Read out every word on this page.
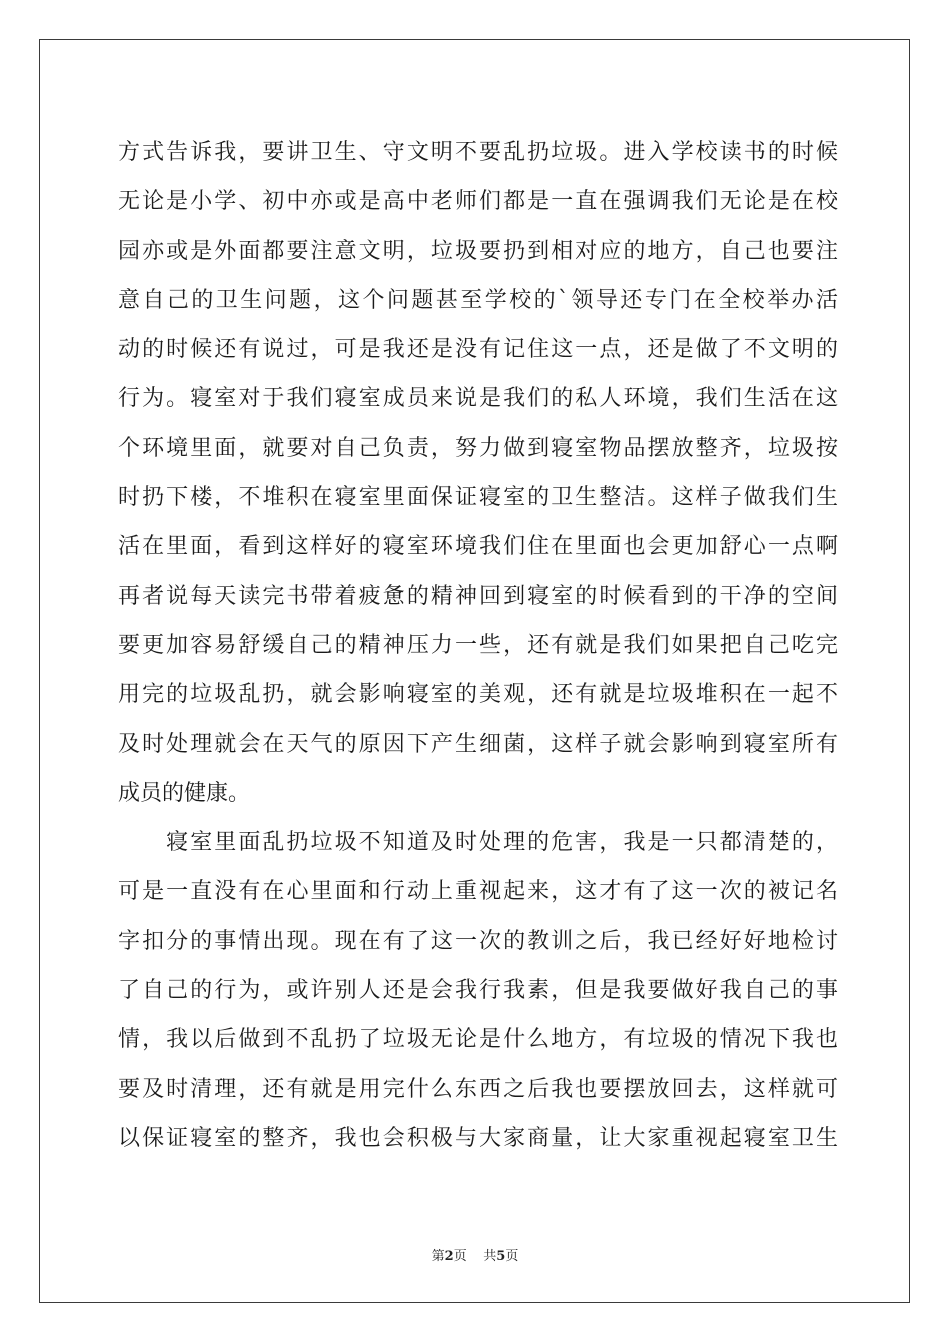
方式告诉我，要讲卫生、守文明不要乱扔垃圾。进入学校读书的时候
无论是小学、初中亦或是高中老师们都是一直在强调我们无论是在校
园亦或是外面都要注意文明，垃圾要扔到相对应的地方，自己也要注
意自己的卫生问题，这个问题甚至学校的`领导还专门在全校举办活
动的时候还有说过，可是我还是没有记住这一点，还是做了不文明的
行为。寝室对于我们寝室成员来说是我们的私人环境，我们生活在这
个环境里面，就要对自己负责，努力做到寝室物品摆放整齐，垃圾按
时扔下楼，不堆积在寝室里面保证寝室的卫生整洁。这样子做我们生
活在里面，看到这样好的寝室环境我们住在里面也会更加舒心一点啊
再者说每天读完书带着疲惫的精神回到寝室的时候看到的干净的空间
要更加容易舒缓自己的精神压力一些，还有就是我们如果把自己吃完
用完的垃圾乱扔，就会影响寝室的美观，还有就是垃圾堆积在一起不
及时处理就会在天气的原因下产生细菌，这样子就会影响到寝室所有
成员的健康。
　　寝室里面乱扔垃圾不知道及时处理的危害，我是一只都清楚的，
可是一直没有在心里面和行动上重视起来，这才有了这一次的被记名
字扣分的事情出现。现在有了这一次的教训之后，我已经好好地检讨
了自己的行为，或许别人还是会我行我素，但是我要做好我自己的事
情，我以后做到不乱扔了垃圾无论是什么地方，有垃圾的情况下我也
要及时清理，还有就是用完什么东西之后我也要摆放回去，这样就可
以保证寝室的整齐，我也会积极与大家商量，让大家重视起寝室卫生
第2页 共5页
